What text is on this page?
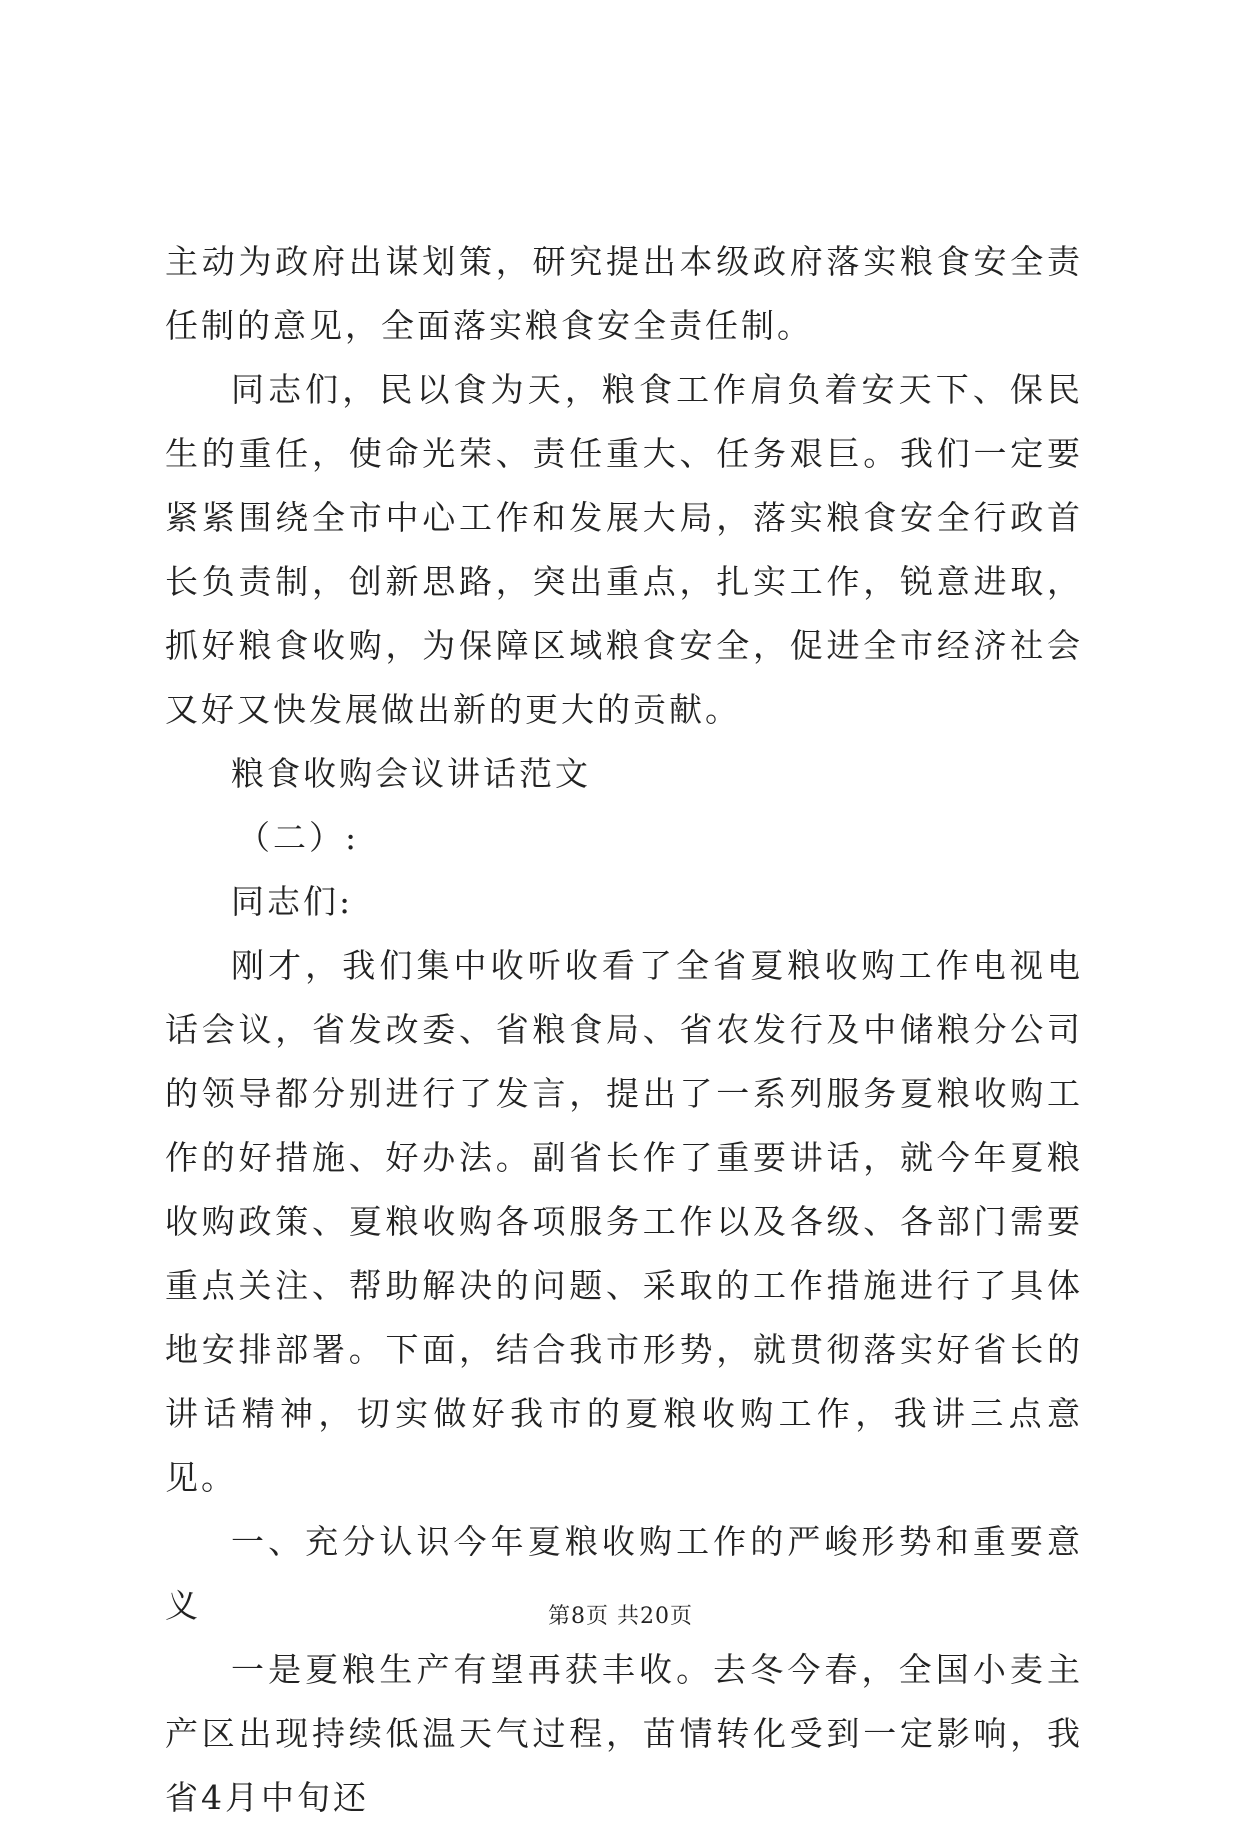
主动为政府出谋划策，研究提出本级政府落实粮食安全责任制的意见，全面落实粮食安全责任制。

同志们，民以食为天，粮食工作肩负着安天下、保民生的重任，使命光荣、责任重大、任务艰巨。我们一定要紧紧围绕全市中心工作和发展大局，落实粮食安全行政首长负责制，创新思路，突出重点，扎实工作，锐意进取，抓好粮食收购，为保障区域粮食安全，促进全市经济社会又好又快发展做出新的更大的贡献。

粮食收购会议讲话范文

（二）:

同志们:

刚才，我们集中收听收看了全省夏粮收购工作电视电话会议，省发改委、省粮食局、省农发行及中储粮分公司的领导都分别进行了发言，提出了一系列服务夏粮收购工作的好措施、好办法。副省长作了重要讲话，就今年夏粮收购政策、夏粮收购各项服务工作以及各级、各部门需要重点关注、帮助解决的问题、采取的工作措施进行了具体地安排部署。下面，结合我市形势，就贯彻落实好省长的讲话精神，切实做好我市的夏粮收购工作，我讲三点意见。

一、充分认识今年夏粮收购工作的严峻形势和重要意义

一是夏粮生产有望再获丰收。去冬今春，全国小麦主产区出现持续低温天气过程，苗情转化受到一定影响，我省4月中旬还

第8页 共20页
